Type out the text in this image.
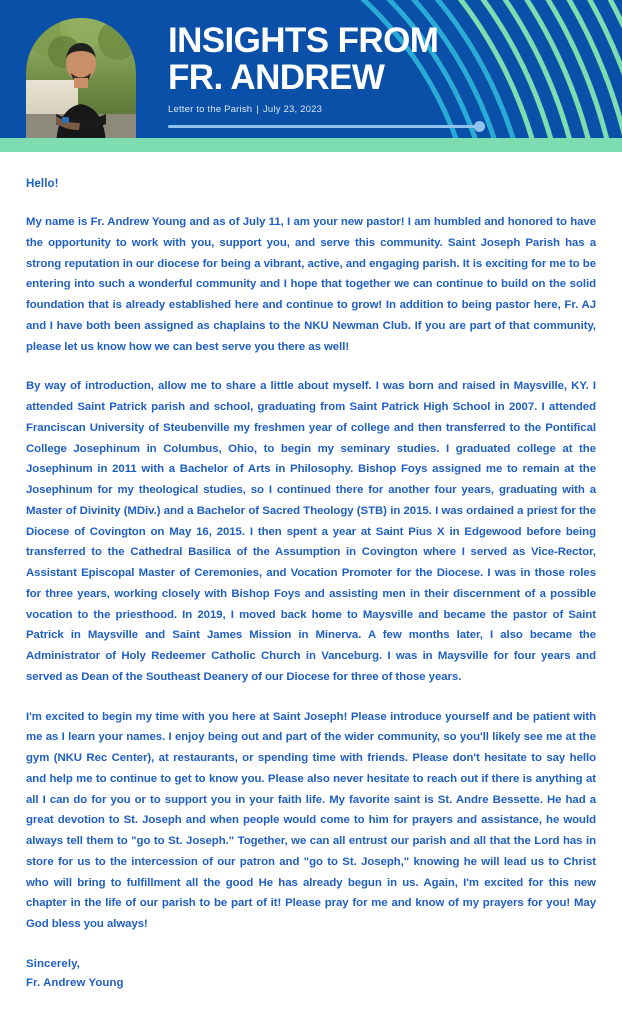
INSIGHTS FROM
FR. ANDREW
Letter to the Parish | July 23, 2023
Hello!

My name is Fr. Andrew Young and as of July 11, I am your new pastor! I am humbled and honored to have the opportunity to work with you, support you, and serve this community. Saint Joseph Parish has a strong reputation in our diocese for being a vibrant, active, and engaging parish. It is exciting for me to be entering into such a wonderful community and I hope that together we can continue to build on the solid foundation that is already established here and continue to grow! In addition to being pastor here, Fr. AJ and I have both been assigned as chaplains to the NKU Newman Club. If you are part of that community, please let us know how we can best serve you there as well!

By way of introduction, allow me to share a little about myself. I was born and raised in Maysville, KY. I attended Saint Patrick parish and school, graduating from Saint Patrick High School in 2007. I attended Franciscan University of Steubenville my freshmen year of college and then transferred to the Pontifical College Josephinum in Columbus, Ohio, to begin my seminary studies. I graduated college at the Josephinum in 2011 with a Bachelor of Arts in Philosophy. Bishop Foys assigned me to remain at the Josephinum for my theological studies, so I continued there for another four years, graduating with a Master of Divinity (MDiv.) and a Bachelor of Sacred Theology (STB) in 2015. I was ordained a priest for the Diocese of Covington on May 16, 2015. I then spent a year at Saint Pius X in Edgewood before being transferred to the Cathedral Basilica of the Assumption in Covington where I served as Vice-Rector, Assistant Episcopal Master of Ceremonies, and Vocation Promoter for the Diocese. I was in those roles for three years, working closely with Bishop Foys and assisting men in their discernment of a possible vocation to the priesthood. In 2019, I moved back home to Maysville and became the pastor of Saint Patrick in Maysville and Saint James Mission in Minerva. A few months later, I also became the Administrator of Holy Redeemer Catholic Church in Vanceburg. I was in Maysville for four years and served as Dean of the Southeast Deanery of our Diocese for three of those years.

I'm excited to begin my time with you here at Saint Joseph! Please introduce yourself and be patient with me as I learn your names. I enjoy being out and part of the wider community, so you'll likely see me at the gym (NKU Rec Center), at restaurants, or spending time with friends. Please don't hesitate to say hello and help me to continue to get to know you. Please also never hesitate to reach out if there is anything at all I can do for you or to support you in your faith life. My favorite saint is St. Andre Bessette. He had a great devotion to St. Joseph and when people would come to him for prayers and assistance, he would always tell them to "go to St. Joseph." Together, we can all entrust our parish and all that the Lord has in store for us to the intercession of our patron and "go to St. Joseph," knowing he will lead us to Christ who will bring to fulfillment all the good He has already begun in us. Again, I'm excited for this new chapter in the life of our parish to be part of it! Please pray for me and know of my prayers for you! May God bless you always!

Sincerely,
Fr. Andrew Young
